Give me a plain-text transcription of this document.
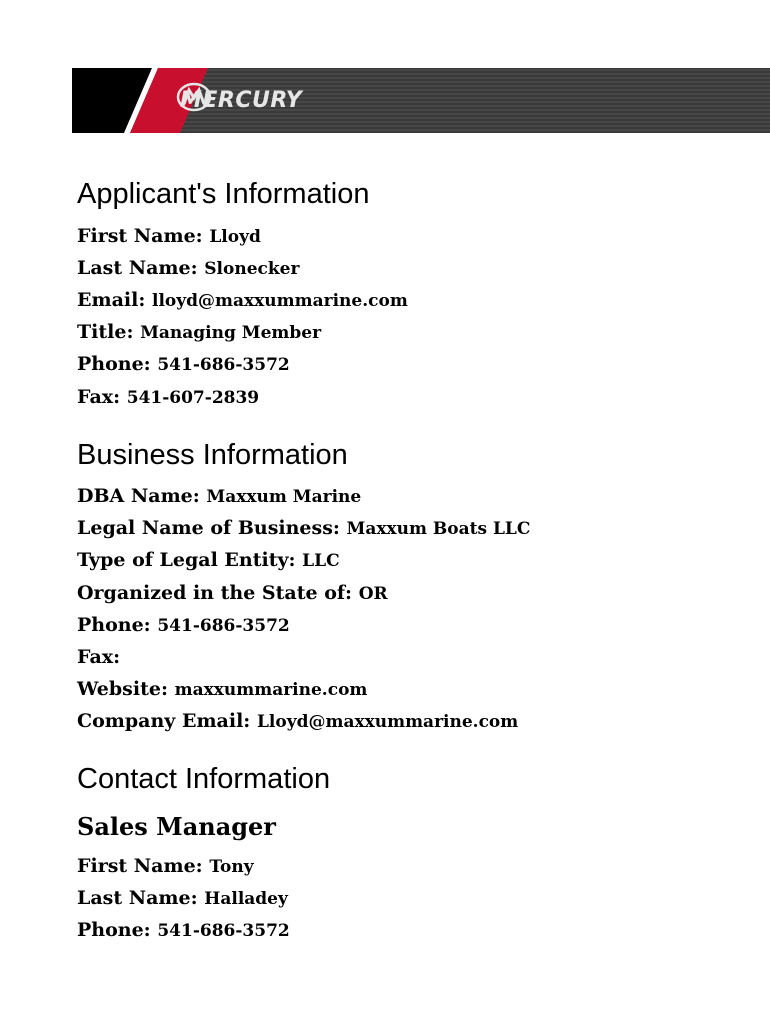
MERCURY
Applicant's Information
First Name: Lloyd
Last Name: Slonecker
Email: lloyd@maxxummarine.com
Title: Managing Member
Phone: 541-686-3572
Fax: 541-607-2839
Business Information
DBA Name: Maxxum Marine
Legal Name of Business: Maxxum Boats LLC
Type of Legal Entity: LLC
Organized in the State of: OR
Phone: 541-686-3572
Fax:
Website: maxxummarine.com
Company Email: Lloyd@maxxummarine.com
Contact Information
Sales Manager
First Name: Tony
Last Name: Halladey
Phone: 541-686-3572
